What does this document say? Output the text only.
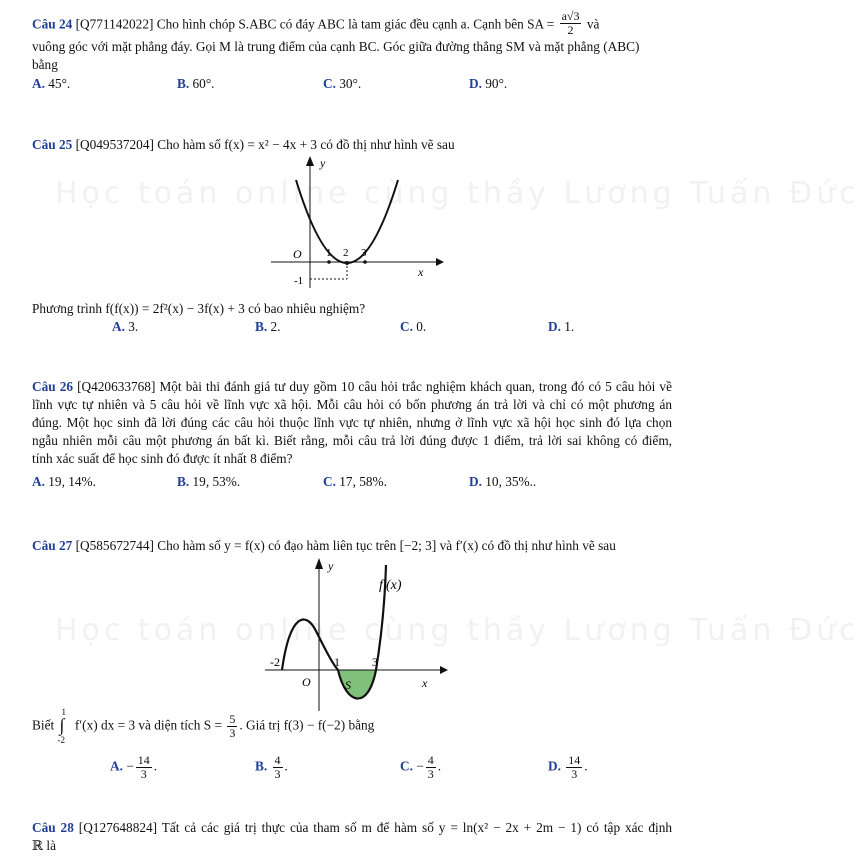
Học toán online cùng thầy Lương Tuấn Đức
Học toán online cùng thầy Lương Tuấn Đức
Câu 24 [Q771142022] Cho hình chóp S.ABC có đáy ABC là tam giác đều cạnh a. Cạnh bên SA = $\frac{a√3}{2}$ và
vuông góc với mặt phẳng đáy. Gọi M là trung điểm của cạnh BC. Góc giữa đường thẳng SM và mặt phẳng (ABC)
bằng
A. 45°.	B. 60°.	C. 30°.	D. 90°.
Câu 25 [Q049537204] Cho hàm số f(x) = x² − 4x + 3 có đồ thị như hình vẽ sau
y
x
O 1 2 3
-1
Phương trình f(f(x)) = 2f²(x) − 3f(x) + 3 có bao nhiêu nghiệm?
A. 3.	B. 2.	C. 0.	D. 1.
Câu 26 [Q420633768] Một bài thi đánh giá tư duy gồm 10 câu hỏi trắc nghiệm khách quan, trong đó có 5 câu hỏi về
lĩnh vực tự nhiên và 5 câu hỏi về lĩnh vực xã hội. Mỗi câu hỏi có bốn phương án trả lời và chỉ có một phương án
đúng. Một học sinh đã lời đúng các câu hỏi thuộc lĩnh vực tự nhiên, nhưng ở lĩnh vực xã hội học sinh đó lựa chọn
ngẫu nhiên mỗi câu một phương án bất kì. Biết rằng, mỗi câu trả lời đúng được 1 điểm, trả lời sai không có điểm,
tính xác suất để học sinh đó được ít nhất 8 điểm?
A. 19, 14%.	B. 19, 53%.	C. 17, 58%.	D. 10, 35%..
Câu 27 [Q585672744] Cho hàm số y = f(x) có đạo hàm liên tục trên [−2; 3] và f′(x) có đồ thị như hình vẽ sau
y
x
O
f′(x)
-2	1	3
S
Biết
1
∫
-2
f′(x) dx = 3 và diện tích $S = \frac{5}{3}$ . Giá trị f(3) − f(−2) bằng
A. − $\frac{14}{3}$ .	B. $\frac{4}{3}$ .	C. − $\frac{4}{3}$ .	D. $\frac{14}{3}$ .
Câu 28 [Q127648824] Tất cả các giá trị thực của tham số m để hàm số y = ln(x² − 2x + 2m − 1) có tập xác định
ℝ là
